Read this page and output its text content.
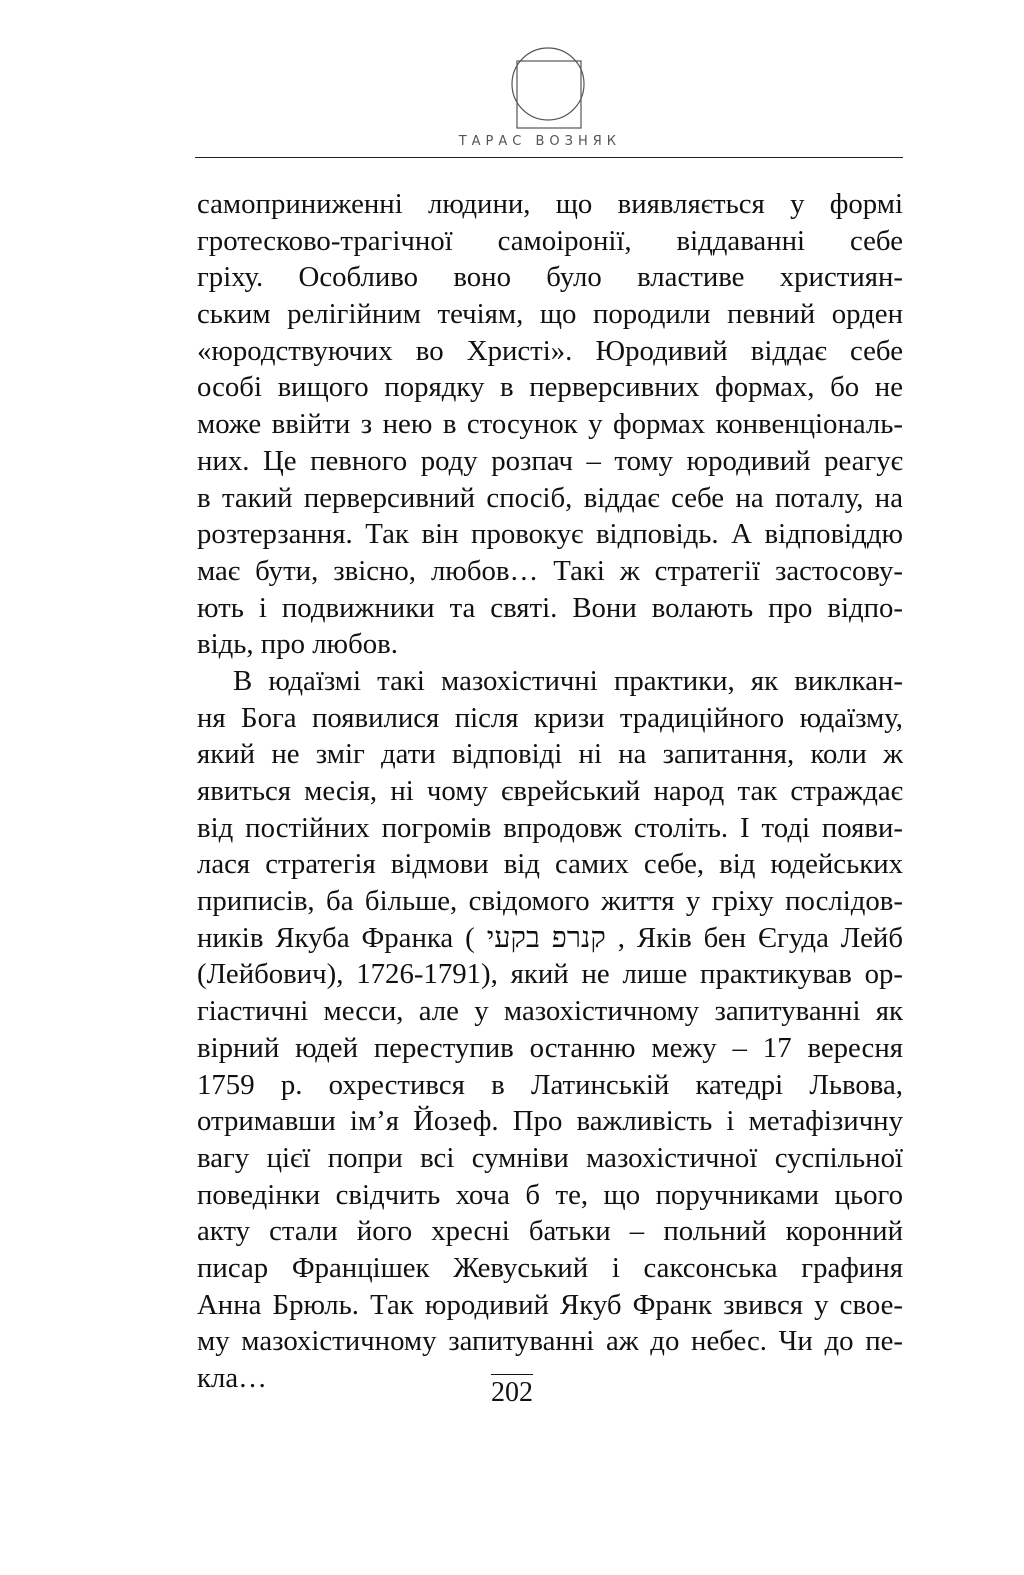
ТАРАС ВОЗНЯК
самоприниженні людини, що виявляється у формі
гротесково-трагічної самоіронії, віддаванні себе
гріху. Особливо воно було властиве християн-
ським релігійним течіям, що породили певний орден
«юродствуючих во Христі». Юродивий віддає себе
особі вищого порядку в перверсивних формах, бо не
може ввійти з нею в стосунок у формах конвенціональ-
них. Це певного роду розпач – тому юродивий реагує
в такий перверсивний спосіб, віддає себе на поталу, на
розтерзання. Так він провокує відповідь. А відповіддю
має бути, звісно, любов… Такі ж стратегії застосову-
ють і подвижники та святі. Вони волають про відпо-
відь, про любов.
В юдаїзмі такі мазохістичні практики, як виклкан-
ня Бога появилися після кризи традиційного юдаїзму,
який не зміг дати відповіді ні на запитання, коли ж
явиться месія, ні чому єврейський народ так страждає
від постійних погромів впродовж століть. І тоді появи-
лася стратегія відмови від самих себе, від юдейських
приписів, ба більше, свідомого життя у гріху послідов-
ників Якуба Франка ( קנרפ בקעי , Яків бен Єгуда Лейб
(Лейбович), 1726-1791), який не лише практикував ор-
гіастичні месси, але у мазохістичному запитуванні як
вірний юдей переступив останню межу – 17 вересня
1759 р. охрестився в Латинській катедрі Львова,
отримавши ім’я Йозеф. Про важливість і метафізичну
вагу цієї попри всі сумніви мазохістичної суспільної
поведінки свідчить хоча б те, що поручниками цього
акту стали його хресні батьки – польний коронний
писар Францішек Жевуський і саксонська графиня
Анна Брюль. Так юродивий Якуб Франк звився у свое-
му мазохістичному запитуванні аж до небес. Чи до пе-
кла…	202
